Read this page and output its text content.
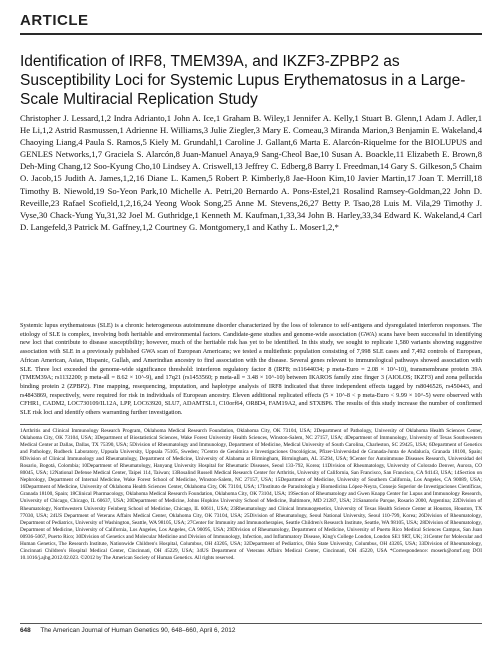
ARTICLE
Identification of IRF8, TMEM39A, and IKZF3-ZPBP2 as Susceptibility Loci for Systemic Lupus Erythematosus in a Large-Scale Multiracial Replication Study

Christopher J. Lessard,1,2 Indra Adrianto,1 John A. Ice,1 Graham B. Wiley,1 Jennifer A. Kelly,1 Stuart B. Glenn,1 Adam J. Adler,1 He Li,1,2 Astrid Rasmussen,1 Adrienne H. Williams,3 Julie Ziegler,3 Mary E. Comeau,3 Miranda Marion,3 Benjamin E. Wakeland,4 Chaoying Liang,4 Paula S. Ramos,5 Kiely M. Grundahl,1 Caroline J. Gallant,6 Marta E. Alarcón-Riquelme for the BIOLUPUS and GENLES Networks,1,7 Graciela S. Alarcón,8 Juan-Manuel Anaya,9 Sang-Cheol Bae,10 Susan A. Boackle,11 Elizabeth E. Brown,8 Deh-Ming Chang,12 Soo-Kyung Cho,10 Lindsey A. Criswell,13 Jeffrey C. Edberg,8 Barry I. Freedman,14 Gary S. Gilkeson,5 Chaim O. Jacob,15 Judith A. James,1,2,16 Diane L. Kamen,5 Robert P. Kimberly,8 Jae-Hoon Kim,10 Javier Martin,17 Joan T. Merrill,18 Timothy B. Niewold,19 So-Yeon Park,10 Michelle A. Petri,20 Bernardo A. Pons-Estel,21 Rosalind Ramsey-Goldman,22 John D. Reveille,23 Rafael Scofield,1,2,16,24 Yeong Wook Song,25 Anne M. Stevens,26,27 Betty P. Tsao,28 Luis M. Vila,29 Timothy J. Vyse,30 Chack-Yung Yu,31,32 Joel M. Guthridge,1 Kenneth M. Kaufman,1,33,34 John B. Harley,33,34 Edward K. Wakeland,4 Carl D. Langefeld,3 Patrick M. Gaffney,1,2 Courtney G. Montgomery,1 and Kathy L. Moser1,2,*

Systemic lupus erythematosus (SLE) is a chronic heterogeneous autoimmune disorder characterized by the loss of tolerance to self-antigens and dysregulated interferon responses. The etiology of SLE is complex, involving both heritable and environmental factors. Candidate-gene studies and genome-wide association (GWA) scans have been successful in identifying new loci that contribute to disease susceptibility; however, much of the heritable risk has yet to be identified. In this study, we sought to replicate 1,580 variants showing suggestive association with SLE in a previously published GWA scan of European Americans; we tested a multiethnic population consisting of 7,998 SLE cases and 7,492 controls of European, African American, Asian, Hispanic, Gullah, and Amerindian ancestry to find association with the disease. Several genes relevant to immunological pathways showed association with SLE. Three loci exceeded the genome-wide significance threshold: interferon regulatory factor 8 (IRF8; rs11644034; p meta-Euro = 2.08 × 10^-10), transmembrane protein 39A (TMEM39A; rs1132200; p meta-all = 8.62 × 10^-9), and 17q21 (rs1453560; p meta-all = 3.48 × 10^-10) between IKAROS family zinc finger 3 (AIOLOS; IKZF3) and zona pellucida binding protein 2 (ZPBP2). Fine mapping, resequencing, imputation, and haplotype analysis of IRF8 indicated that three independent effects tagged by rs8046526, rs450443, and rs4843869, respectively, were required for risk in individuals of European ancestry. Eleven additional replicated effects (5 × 10^-8 < p meta-Euro < 9.99 × 10^-5) were observed with CFHR1, CADM2, LOC730109/IL12A, LPP, LOC63920, SLU7, ADAMTSL1, C10orf64, OR8D4, FAM19A2, and STXBP6. The results of this study increase the number of confirmed SLE risk loci and identify others warranting further investigation.

1Arthritis and Clinical Immunology Research Program, Oklahoma Medical Research Foundation, Oklahoma City, OK 73104, USA; 2Department of Pathology, University of Oklahoma Health Sciences Center, Oklahoma City, OK 73104, USA; 3Department of Biostatistical Sciences, Wake Forest University Health Sciences, Winston-Salem, NC 27157, USA; 4Department of Immunology, University of Texas Southwestern Medical Center at Dallas, Dallas, TX 75390, USA; 5Division of Rheumatology and Immunology, Department of Medicine, Medical University of South Carolina, Charleston, SC 29425, USA; 6Department of Genetics and Pathology, Rudbeck Laboratory, Uppsala University, Uppsala 75105, Sweden; 7Centro de Genómica e Investigaciones Oncológicas, Pfizer-Universidad de Granada-Junta de Andalucía, Granada 18100, Spain; 8Division of Clinical Immunology and Rheumatology, Department of Medicine, University of Alabama at Birmingham, Birmingham, AL 35294, USA; 9Center for Autoimmune Diseases Research, Universidad del Rosario, Bogotá, Colombia; 10Department of Rheumatology, Hanyang University Hospital for Rheumatic Diseases, Seoul 133-792, Korea; 11Division of Rheumatology, University of Colorado Denver, Aurora, CO 80045, USA; 12National Defense Medical Center, Taipei 114, Taiwan; 13Rosalind Russell Medical Research Center for Arthritis, University of California, San Francisco, San Francisco, CA 94143, USA; 14Section on Nephrology, Department of Internal Medicine, Wake Forest School of Medicine, Winston-Salem, NC 27157, USA; 15Department of Medicine, University of Southern California, Los Angeles, CA 90089, USA; 16Department of Medicine, University of Oklahoma Health Sciences Center, Oklahoma City, OK 73104, USA; 17Instituto de Parasitología y Biomedicina López-Neyra, Consejo Superior de Investigaciones Científicas, Granada 18100, Spain; 18Clinical Pharmacology, Oklahoma Medical Research Foundation, Oklahoma City, OK 73104, USA; 19Section of Rheumatology and Gwen Knapp Center for Lupus and Immunology Research, University of Chicago, Chicago, IL 60637, USA; 20Department of Medicine, Johns Hopkins University School of Medicine, Baltimore, MD 21287, USA; 21Sanatorio Parque, Rosario 2000, Argentina; 22Division of Rheumatology, Northwestern University Feinberg School of Medicine, Chicago, IL 60611, USA; 23Rheumatology and Clinical Immunogenetics, University of Texas Health Science Center at Houston, Houston, TX 77030, USA; 24US Department of Veterans Affairs Medical Center, Oklahoma City, OK 73104, USA; 25Division of Rheumatology, Seoul National University, Seoul 110-799, Korea; 26Division of Rheumatology, Department of Pediatrics, University of Washington, Seattle, WA 98105, USA; 27Center for Immunity and Immunotherapies, Seattle Children's Research Institute, Seattle, WA 98105, USA; 28Division of Rheumatology, Department of Medicine, University of California, Los Angeles, Los Angeles, CA 90095, USA; 29Division of Rheumatology, Department of Medicine, University of Puerto Rico Medical Sciences Campus, San Juan 00936-5067, Puerto Rico; 30Division of Genetics and Molecular Medicine and Division of Immunology, Infection, and Inflammatory Disease, King's College London, London SE1 9RT, UK; 31Center for Molecular and Human Genetics, The Research Institute, Nationwide Children's Hospital, Columbus, OH 43205, USA; 32Department of Pediatrics, Ohio State University, Columbus, OH 43205, USA; 33Division of Rheumatology, Cincinnati Children's Hospital Medical Center, Cincinnati, OH 45229, USA; 34US Department of Veterans Affairs Medical Center, Cincinnati, OH 45220, USA *Correspondence: moserk@omrf.org DOI 10.1016/j.ajhg.2012.02.023. ©2012 by The American Society of Human Genetics. All rights reserved.

648 The American Journal of Human Genetics 90, 648–660, April 6, 2012
